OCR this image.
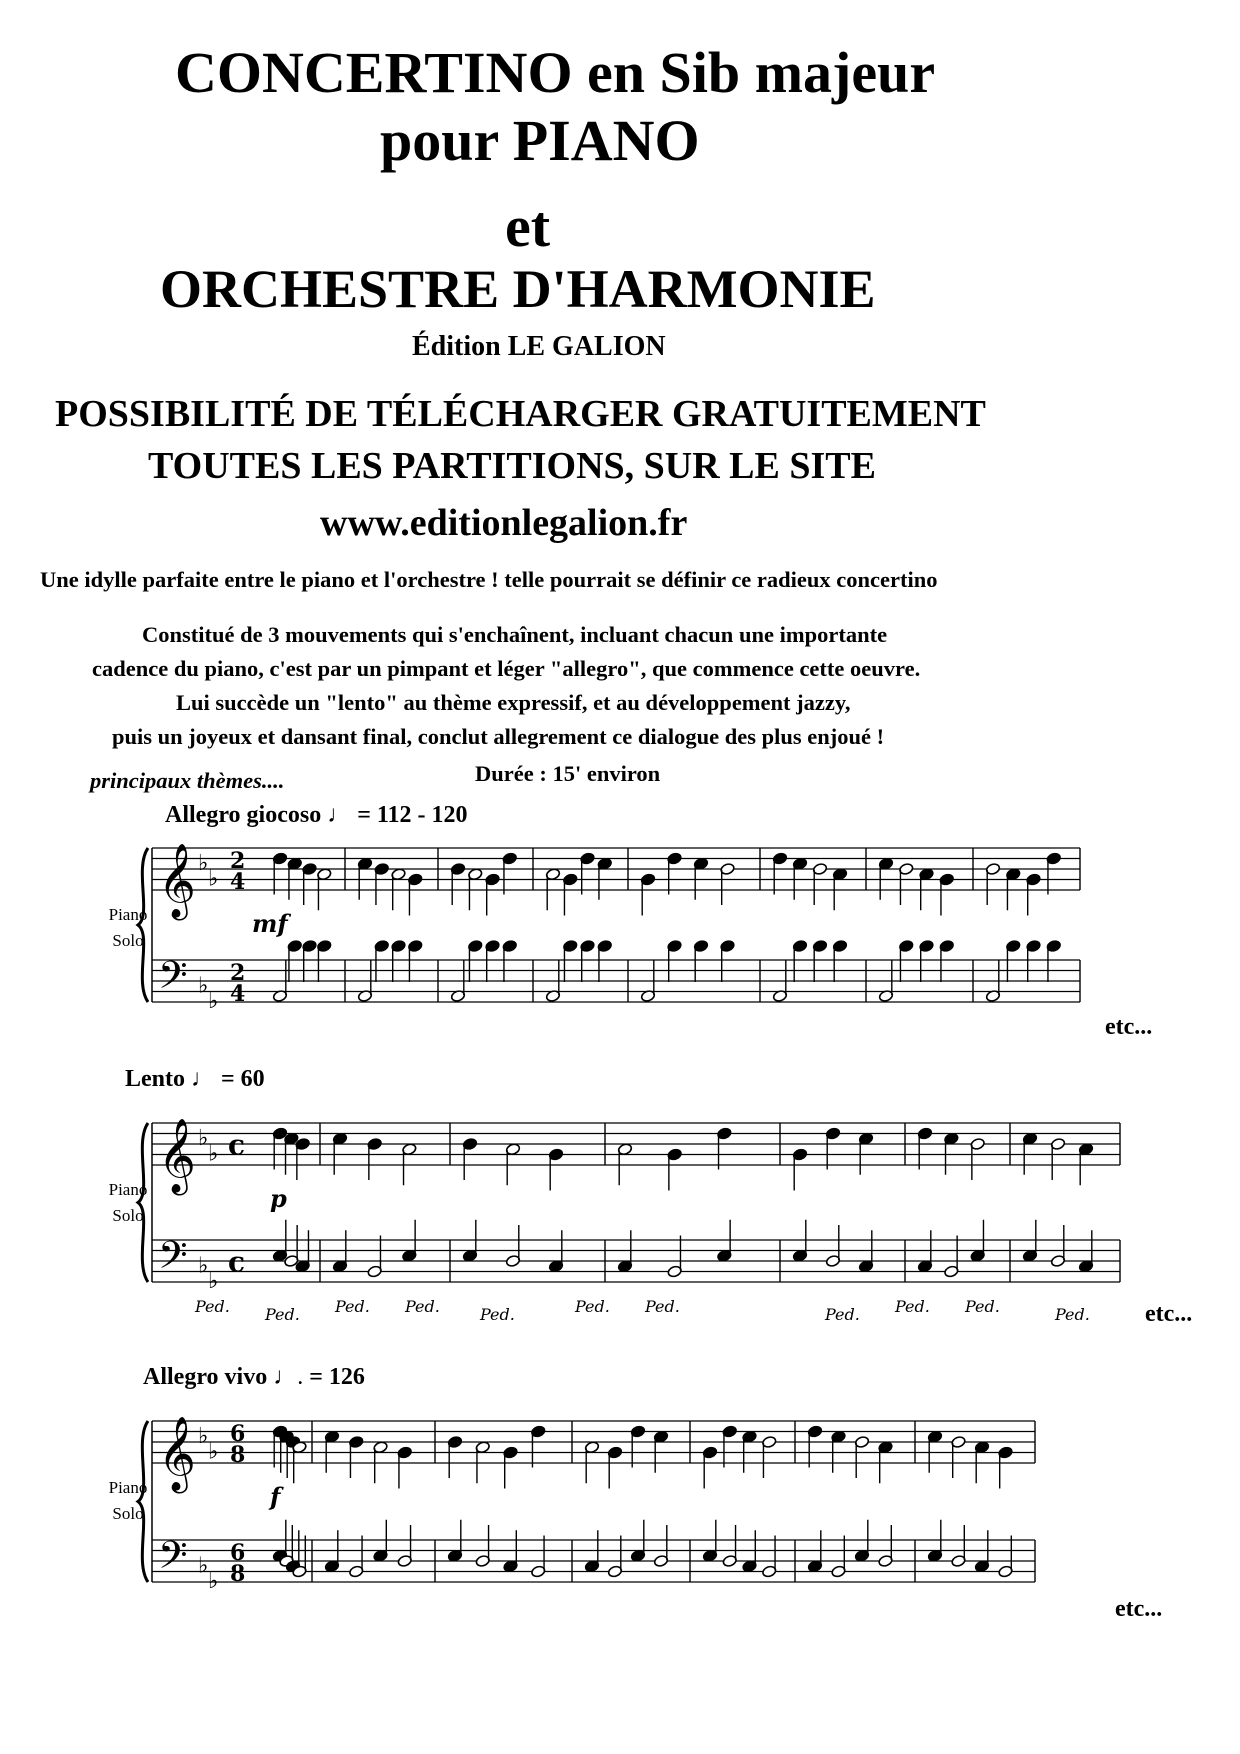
CONCERTINO en Sib majeur
pour PIANO
et
ORCHESTRE D'HARMONIE
Édition LE GALION
POSSIBILITÉ DE TÉLÉCHARGER GRATUITEMENT
TOUTES LES PARTITIONS, SUR LE SITE
www.editionlegalion.fr
Une idylle parfaite entre le piano et l'orchestre ! telle pourrait se définir ce radieux concertino
Constitué de 3 mouvements qui s'enchaînent, incluant chacun une importante
cadence du piano, c'est par un pimpant et léger "allegro", que commence cette oeuvre.
Lui succède un "lento" au thème expressif, et au développement jazzy,
puis un joyeux et dansant final, conclut allegrement ce dialogue des plus enjoué !
principaux thèmes....	Durée : 15' environ
Allegro giocoso ♩ = 112 - 120
Lento ♩ = 60
Allegro vivo ♩. = 126
Piano
Solo
Piano
Solo
Piano
Solo
etc...
etc...
etc...
𝄞
𝄢
♭
♭
♭
♭
2
4
2
4
mf
𝄞
𝄢
♭
♭
♭
♭
c
c
p
Ped. Ped. Ped. Ped.	Ped.	Ped. Ped.	Ped. Ped. Ped.	Ped.
𝄞
𝄢
♭
♭
♭
♭
6
8
6
8
f
